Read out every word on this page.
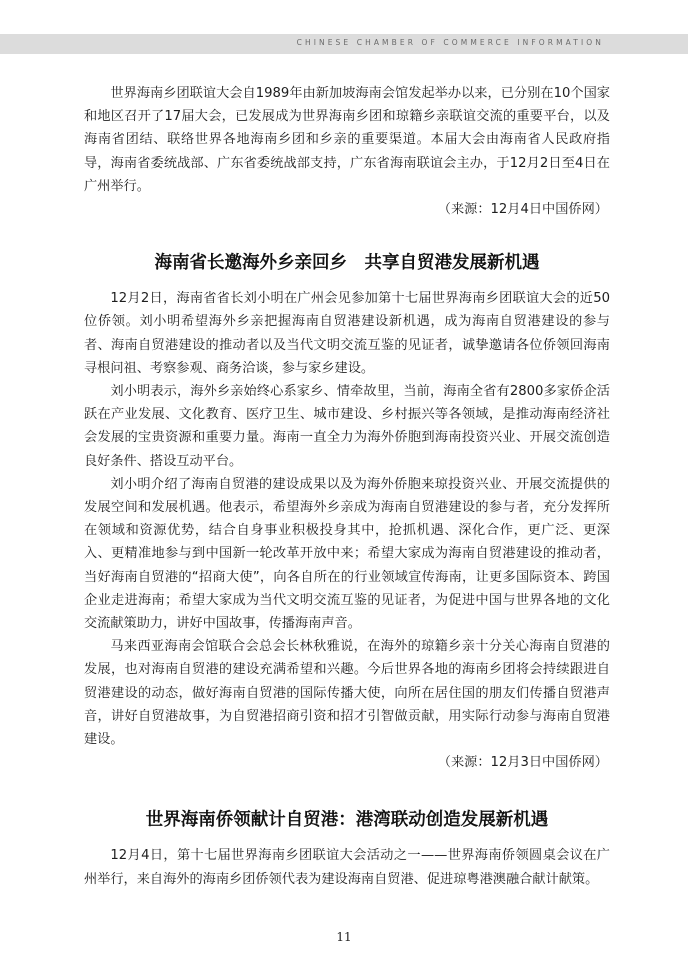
CHINESE CHAMBER OF COMMERCE INFORMATION

世界海南乡团联谊大会自1989年由新加坡海南会馆发起举办以来，已分别在10个国家和地区召开了17届大会，已发展成为世界海南乡团和琼籍乡亲联谊交流的重要平台，以及海南省团结、联络世界各地海南乡团和乡亲的重要渠道。本届大会由海南省人民政府指导，海南省委统战部、广东省委统战部支持，广东省海南联谊会主办，于12月2日至4日在广州举行。

（来源：12月4日中国侨网）

海南省长邀海外乡亲回乡　共享自贸港发展新机遇

12月2日，海南省省长刘小明在广州会见参加第十七届世界海南乡团联谊大会的近50位侨领。刘小明希望海外乡亲把握海南自贸港建设新机遇，成为海南自贸港建设的参与者、海南自贸港建设的推动者以及当代文明交流互鉴的见证者，诚挚邀请各位侨领回海南寻根问祖、考察参观、商务洽谈，参与家乡建设。

刘小明表示，海外乡亲始终心系家乡、情牵故里，当前，海南全省有2800多家侨企活跃在产业发展、文化教育、医疗卫生、城市建设、乡村振兴等各领域，是推动海南经济社会发展的宝贵资源和重要力量。海南一直全力为海外侨胞到海南投资兴业、开展交流创造良好条件、搭设互动平台。

刘小明介绍了海南自贸港的建设成果以及为海外侨胞来琼投资兴业、开展交流提供的发展空间和发展机遇。他表示，希望海外乡亲成为海南自贸港建设的参与者，充分发挥所在领域和资源优势，结合自身事业积极投身其中，抢抓机遇、深化合作，更广泛、更深入、更精准地参与到中国新一轮改革开放中来；希望大家成为海南自贸港建设的推动者，当好海南自贸港的“招商大使”，向各自所在的行业领域宣传海南，让更多国际资本、跨国企业走进海南；希望大家成为当代文明交流互鉴的见证者，为促进中国与世界各地的文化交流献策助力，讲好中国故事，传播海南声音。

马来西亚海南会馆联合会总会长林秋雅说，在海外的琼籍乡亲十分关心海南自贸港的发展，也对海南自贸港的建设充满希望和兴趣。今后世界各地的海南乡团将会持续跟进自贸港建设的动态，做好海南自贸港的国际传播大使，向所在居住国的朋友们传播自贸港声音，讲好自贸港故事，为自贸港招商引资和招才引智做贡献，用实际行动参与海南自贸港建设。

（来源：12月3日中国侨网）

世界海南侨领献计自贸港：港湾联动创造发展新机遇

12月4日，第十七届世界海南乡团联谊大会活动之一——世界海南侨领圆桌会议在广州举行，来自海外的海南乡团侨领代表为建设海南自贸港、促进琼粤港澳融合献计献策。

11
